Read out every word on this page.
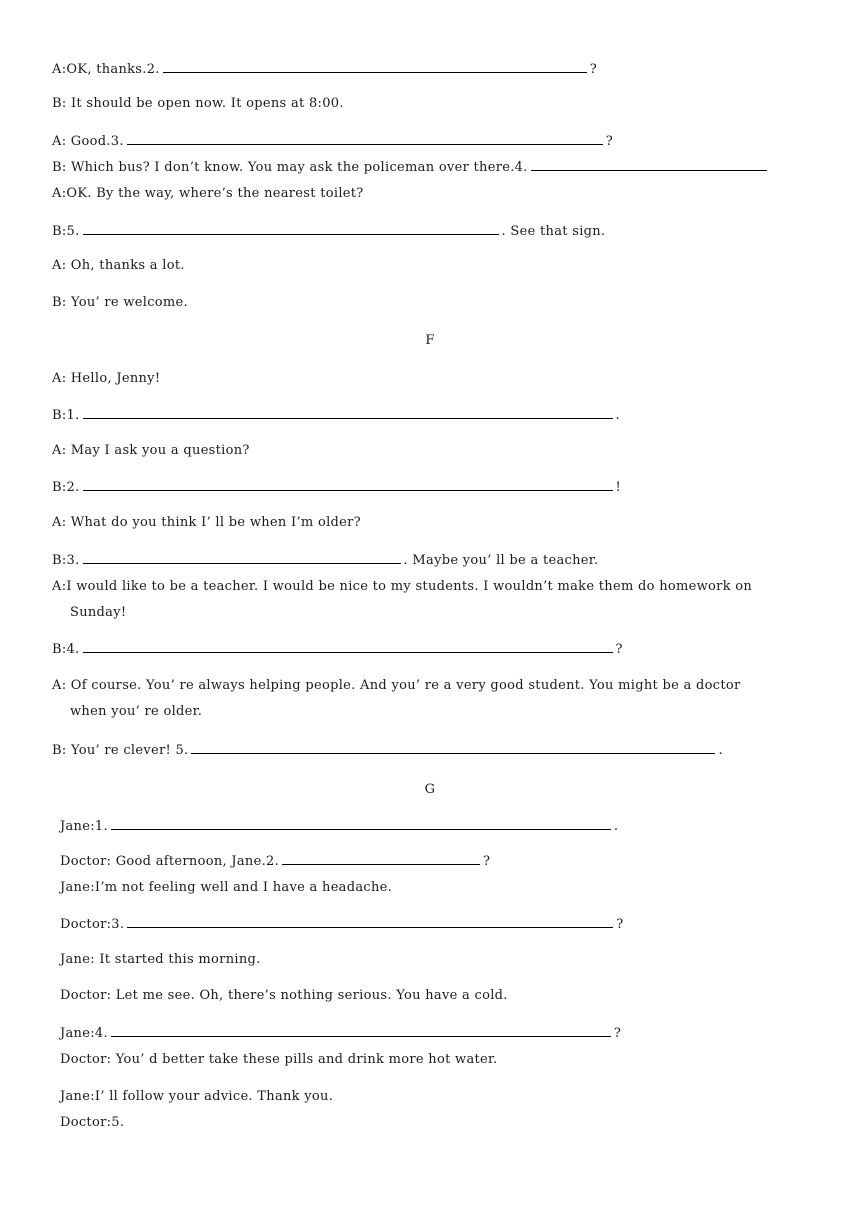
A:OK, thanks.2.	?
B: It should be open now. It opens at 8:00.
A: Good.3.	?
B: Which bus? I don’t know. You may ask the policeman over there.4.
A:OK. By the way, where’s the nearest toilet?
B:5.	. See that sign.
A: Oh, thanks a lot.
B: You’ re welcome.
F
A: Hello, Jenny!
B:1.	.
A: May I ask you a question?
B:2.	!
A: What do you think I’ ll be when I’m older?
B:3.	. Maybe you’ ll be a teacher.
A:I would like to be a teacher. I would be nice to my students. I wouldn’t make them do homework on
Sunday!
B:4.	?
A: Of course. You’ re always helping people. And you’ re a very good student. You might be a doctor
when you’ re older.
B: You’ re clever! 5.	.
G
Jane:1.	.
Doctor: Good afternoon, Jane.2.	?
Jane:I’m not feeling well and I have a headache.
Doctor:3.	?
Jane: It started this morning.
Doctor: Let me see. Oh, there’s nothing serious. You have a cold.
Jane:4.	?
Doctor: You’ d better take these pills and drink more hot water.
Jane:I’ ll follow your advice. Thank you.
Doctor:5.
